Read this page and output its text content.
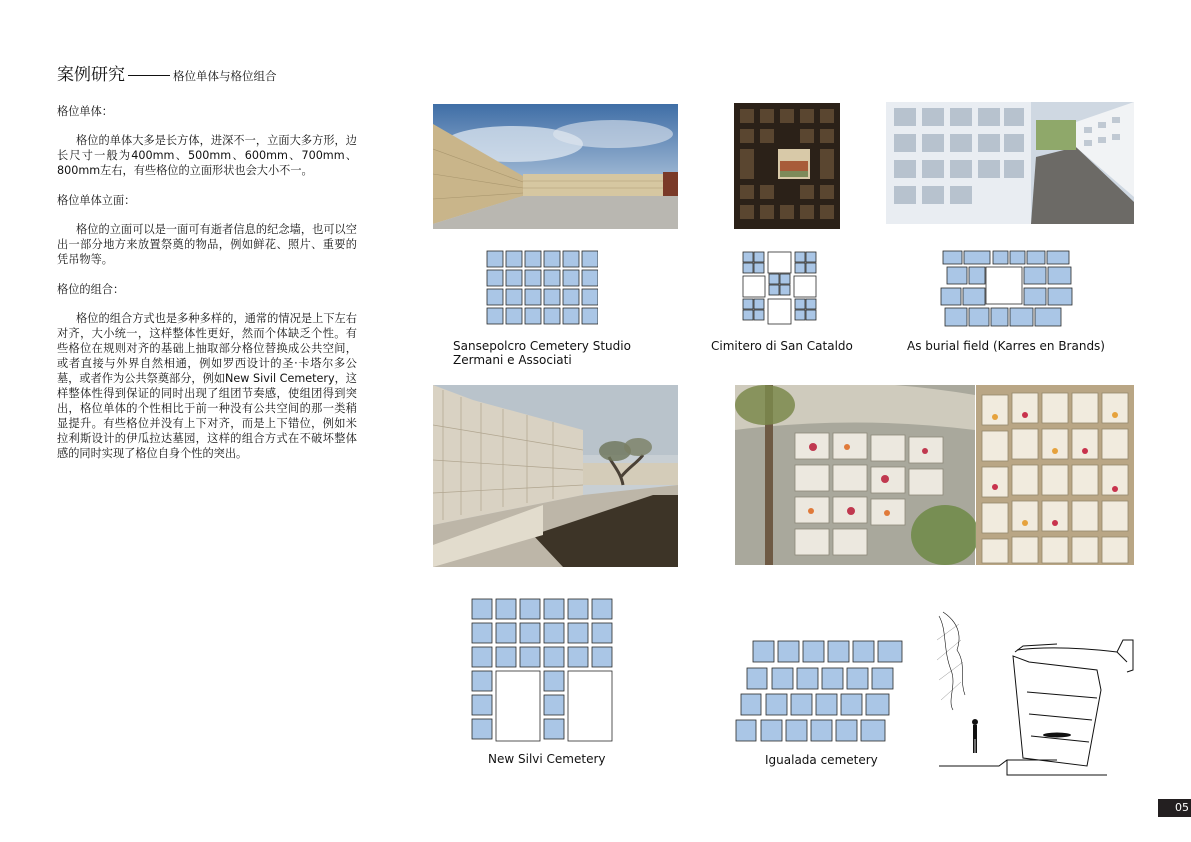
案例研究	格位单体与格位组合

格位单体：

格位的单体大多是长方体，进深不一，立面大多方形，边长尺寸一般为400mm、500mm、600mm、700mm、800mm左右，有些格位的立面形状也会大小不一。

格位单体立面：

格位的立面可以是一面可有逝者信息的纪念墙，也可以空出一部分地方来放置祭奠的物品，例如鲜花、照片、重要的凭吊物等。

格位的组合：

格位的组合方式也是多种多样的，通常的情况是上下左右对齐，大小统一，这样整体性更好，然而个体缺乏个性。有些格位在规则对齐的基础上抽取部分格位替换成公共空间，或者直接与外界自然相通，例如罗西设计的圣·卡塔尔多公墓，或者作为公共祭奠部分，例如New Sivil Cemetery，这样整体性得到保证的同时出现了组团节奏感，使组团得到突出，格位单体的个性相比于前一种没有公共空间的那一类稍显提升。有些格位并没有上下对齐，而是上下错位，例如米拉利斯设计的伊瓜拉达墓园，这样的组合方式在不破坏整体感的同时实现了格位自身个性的突出。

Sansepolcro Cemetery Studio
Zermani e Associati
Cimitero di San Cataldo	As burial field (Karres en Brands)
New Silvi Cemetery	Igualada cemetery
05
